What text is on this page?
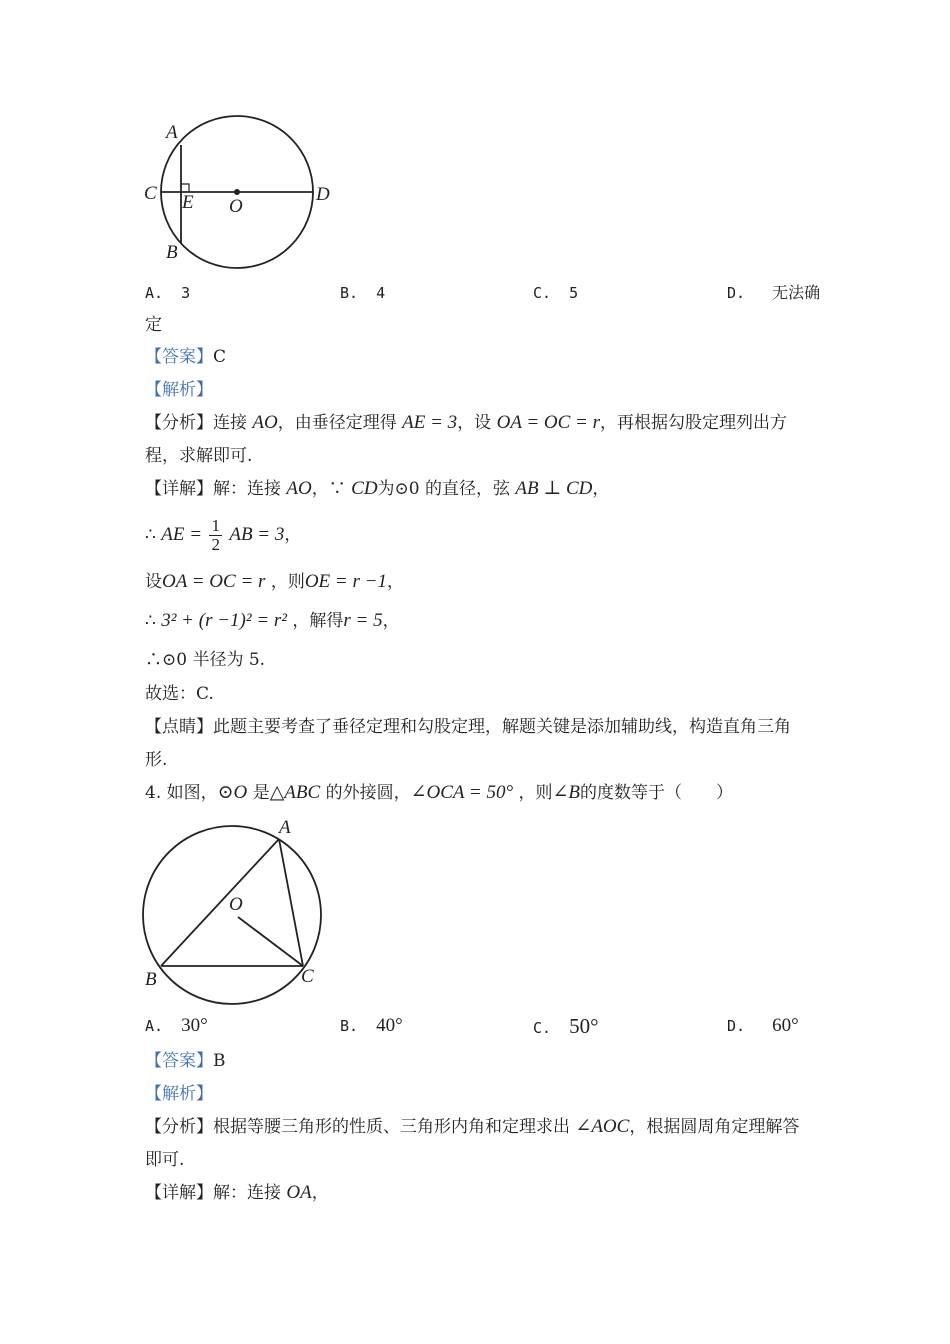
A
B
C	D
E O
A. 3	B. 4	C. 5	D. 无法确
定
【答案】C
【解析】
【分析】连接 AO，由垂径定理得 AE = 3，设 OA = OC = r，再根据勾股定理列出方
程，求解即可.
【详解】解：连接 AO，∵ CD为⊙0 的直径，弦 AB ⊥ CD，
∴ AE = $\frac{1}{2}$ AB = 3，
设OA = OC = r ，则OE = r −1，
∴ 3² + (r −1)² = r² ，解得r = 5，
∴⊙0 半径为 5.
故选：C.
【点睛】此题主要考查了垂径定理和勾股定理，解题关键是添加辅助线，构造直角三角
形.
4. 如图，⊙O 是△ABC 的外接圆，∠OCA = 50° ，则∠B的度数等于（　　）
A
B	C
O
A. 30°	B. 40°	C. 50°	D. 60°
【答案】B
【解析】
【分析】根据等腰三角形的性质、三角形内角和定理求出 ∠AOC，根据圆周角定理解答
即可.
【详解】解：连接 OA，
